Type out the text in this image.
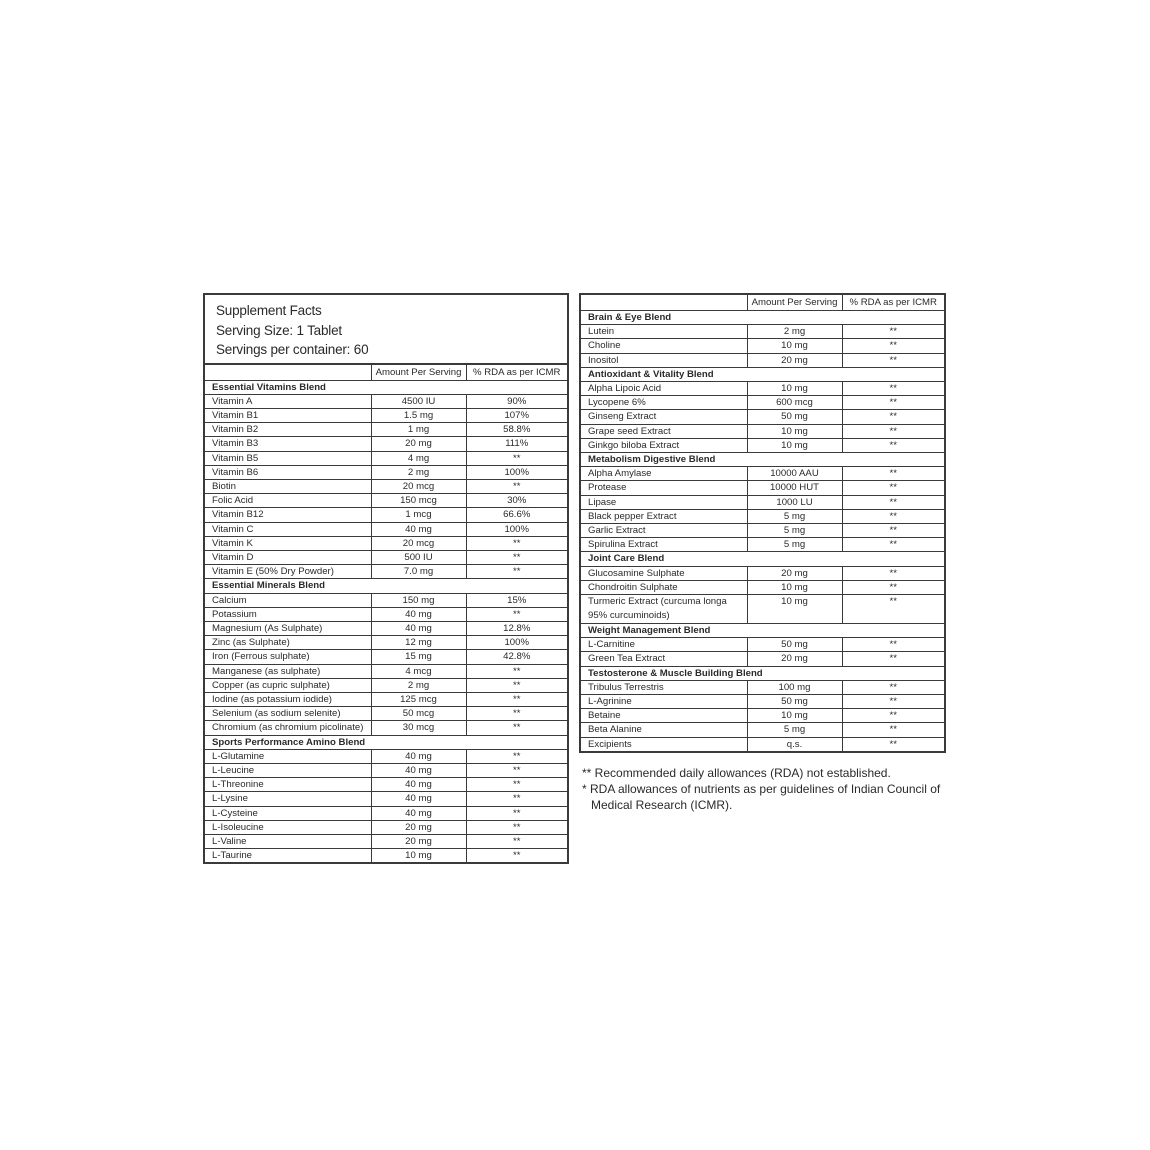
Supplement Facts
Serving Size: 1 Tablet
Servings per container: 60
	Amount Per Serving	% RDA as per ICMR
Essential Vitamins Blend		
Vitamin A	4500 IU	90%
Vitamin B1	1.5 mg	107%
Vitamin B2	1 mg	58.8%
Vitamin B3	20 mg	111%
Vitamin B5	4 mg	**
Vitamin B6	2 mg	100%
Biotin	20 mcg	**
Folic Acid	150 mcg	30%
Vitamin B12	1 mcg	66.6%
Vitamin C	40 mg	100%
Vitamin K	20 mcg	**
Vitamin D	500 IU	**
Vitamin E (50% Dry Powder)	7.0 mg	**
Essential Minerals Blend		
Calcium	150 mg	15%
Potassium	40 mg	**
Magnesium (As Sulphate)	40 mg	12.8%
Zinc (as Sulphate)	12 mg	100%
Iron (Ferrous sulphate)	15 mg	42.8%
Manganese (as sulphate)	4 mcg	**
Copper (as cupric sulphate)	2 mg	**
Iodine (as potassium iodide)	125 mcg	**
Selenium (as sodium selenite)	50 mcg	**
Chromium (as chromium picolinate)	30 mcg	**
Sports Performance Amino Blend		
L-Glutamine	40 mg	**
L-Leucine	40 mg	**
L-Threonine	40 mg	**
L-Lysine	40 mg	**
L-Cysteine	40 mg	**
L-Isoleucine	20 mg	**
L-Valine	20 mg	**
L-Taurine	10 mg	**
	Amount Per Serving	% RDA as per ICMR
Brain & Eye Blend		
Lutein	2 mg	**
Choline	10 mg	**
Inositol	20 mg	**
Antioxidant & Vitality Blend		
Alpha Lipoic Acid	10 mg	**
Lycopene 6%	600 mcg	**
Ginseng Extract	50 mg	**
Grape seed Extract	10 mg	**
Ginkgo biloba Extract	10 mg	**
Metabolism Digestive Blend		
Alpha Amylase	10000 AAU	**
Protease	10000 HUT	**
Lipase	1000 LU	**
Black pepper Extract	5 mg	**
Garlic Extract	5 mg	**
Spirulina Extract	5 mg	**
Joint Care Blend		
Glucosamine Sulphate	20 mg	**
Chondroitin Sulphate	10 mg	**
Turmeric Extract (curcuma longa 95% curcuminoids)	10 mg	**
Weight Management Blend		
L-Carnitine	50 mg	**
Green Tea Extract	20 mg	**
Testosterone & Muscle Building Blend		
Tribulus Terrestris	100 mg	**
L-Agrinine	50 mg	**
Betaine	10 mg	**
Beta Alanine	5 mg	**
Excipients	q.s.	**
** Recommended daily allowances (RDA) not established.
* RDA allowances of nutrients as per guidelines of Indian Council of Medical Research (ICMR).
